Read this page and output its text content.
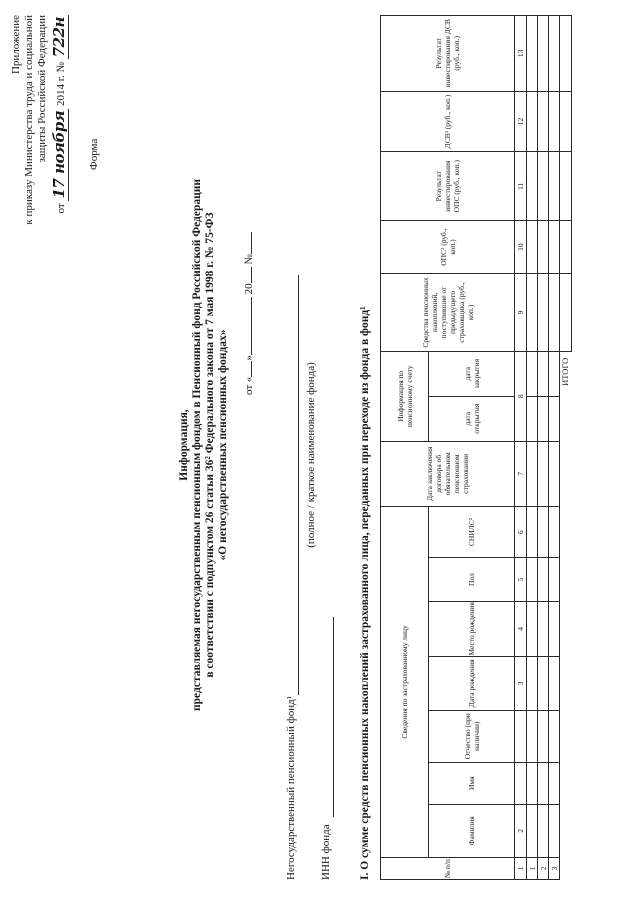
Приложение к приказу Министерства труда и социальной защиты Российской Федерации
от 17 ноября 2014 г. № 722н
Форма
Информация, представляемая негосударственным пенсионным фондом в Пенсионный фонд Российской Федерации в соответствии с подпунктом 26 статьи 36² Федерального закона от 7 мая 1998 г. № 75-ФЗ «О негосударственных пенсионных фондах» от «» 20 №
Негосударственный пенсионный фонд¹
(полное / краткое наименование фонда)
ИНН фонда I. О сумме средств пенсионных накоплений застрахованного лица, переданных при переходе из фонда в фонд¹	№ п/п	Сведения по застрахованному лицу							Дата заключения договора об обязательном пенсионном страховании	Информация по пенсионному счету		Средства пенсионных накоплений, поступившие от предыдущего страховщика (руб., коп.)	ОПС³ (руб., коп.)	Результат инвестирования ОПС (руб., коп.)	ДСВ³ (руб., коп.)	Результат инвестирования ДСВ (руб., коп.)
	Фамилия	Имя	Отчество (при наличии)	Дата рождения	Место рождения	Пол	СНИЛС²		дата открытия	дата закрытия					
1	2			3	4	5	6	7	8		9	10	11	12	13
1															
2															
3															
ИТОГО															
